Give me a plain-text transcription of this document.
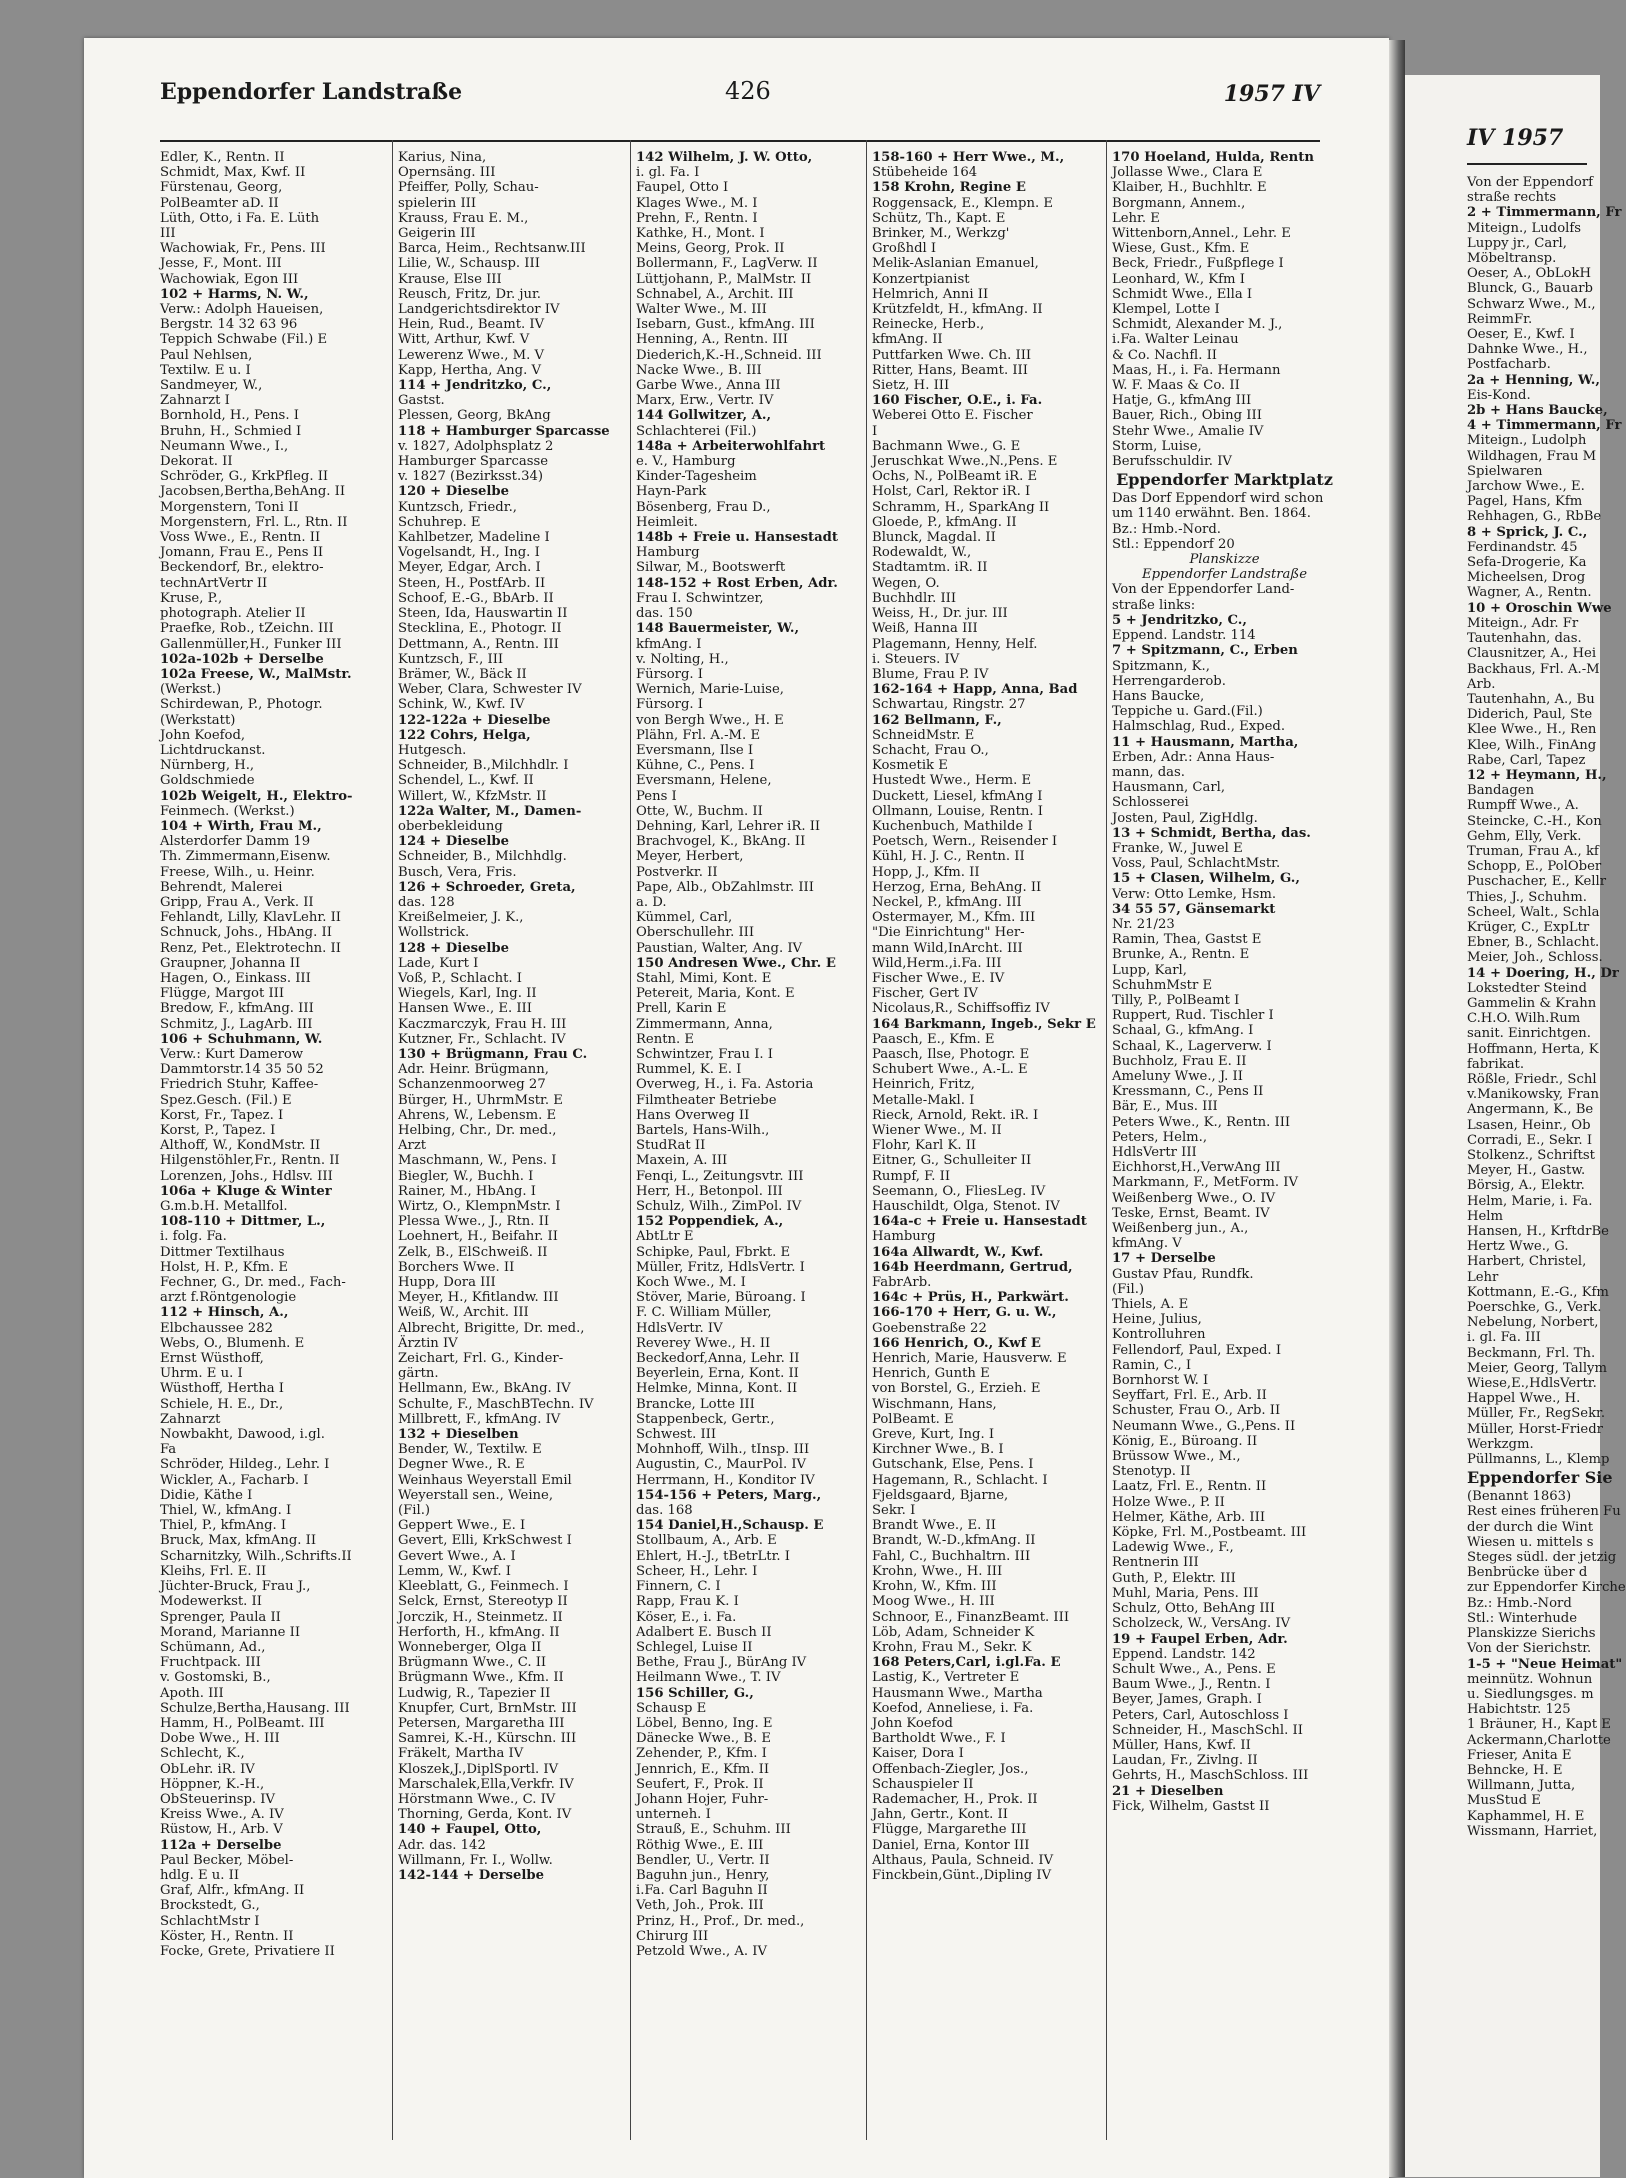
Eppendorfer Landstraße	426	1957 IV
Edler, K., Rentn. II
Schmidt, Max, Kwf. II
Fürstenau, Georg,
PolBeamter aD. II
Lüth, Otto, i Fa. E. Lüth
III
Wachowiak, Fr., Pens. III
Jesse, F., Mont. III
Wachowiak, Egon III
102 + Harms, N. W.,
Verw.: Adolph Haueisen,
Bergstr. 14 32 63 96
Teppich Schwabe (Fil.) E
Paul Nehlsen,
Textilw. E u. I
Sandmeyer, W.,
Zahnarzt I
Bornhold, H., Pens. I
Bruhn, H., Schmied I
Neumann Wwe., I.,
Dekorat. II
Schröder, G., KrkPfleg. II
Jacobsen,Bertha,BehAng. II
Morgenstern, Toni II
Morgenstern, Frl. L., Rtn. II
Voss Wwe., E., Rentn. II
Jomann, Frau E., Pens II
Beckendorf, Br., elektro-
technArtVertr II
Kruse, P.,
photograph. Atelier II
Praefke, Rob., tZeichn. III
Gallenmüller,H., Funker III
102a-102b + Derselbe
102a Freese, W., MalMstr.
(Werkst.)
Schirdewan, P., Photogr.
(Werkstatt)
John Koefod,
Lichtdruckanst.
Nürnberg, H.,
Goldschmiede
102b Weigelt, H., Elektro-
Feinmech. (Werkst.)
104 + Wirth, Frau M.,
Alsterdorfer Damm 19
Th. Zimmermann,Eisenw.
Freese, Wilh., u. Heinr.
Behrendt, Malerei
Gripp, Frau A., Verk. II
Fehlandt, Lilly, KlavLehr. II
Schnuck, Johs., HbAng. II
Renz, Pet., Elektrotechn. II
Graupner, Johanna II
Hagen, O., Einkass. III
Flügge, Margot III
Bredow, F., kfmAng. III
Schmitz, J., LagArb. III
106 + Schuhmann, W.
Verw.: Kurt Damerow
Dammtorstr.14 35 50 52
Friedrich Stuhr, Kaffee-
Spez.Gesch. (Fil.) E
Korst, Fr., Tapez. I
Korst, P., Tapez. I
Althoff, W., KondMstr. II
Hilgenstöhler,Fr., Rentn. II
Lorenzen, Johs., Hdlsv. III
106a + Kluge & Winter
G.m.b.H. Metallfol.
108-110 + Dittmer, L.,
i. folg. Fa.
Dittmer Textilhaus
Holst, H. P., Kfm. E
Fechner, G., Dr. med., Fach-
arzt f.Röntgenologie
112 + Hinsch, A.,
Elbchaussee 282
Webs, O., Blumenh. E
Ernst Wüsthoff,
Uhrm. E u. I
Wüsthoff, Hertha I
Schiele, H. E., Dr.,
Zahnarzt
Nowbakht, Dawood, i.gl.
Fa
Schröder, Hildeg., Lehr. I
Wickler, A., Facharb. I
Didie, Käthe I
Thiel, W., kfmAng. I
Thiel, P., kfmAng. I
Bruck, Max, kfmAng. II
Scharnitzky, Wilh.,Schrifts.II
Kleihs, Frl. E. II
Jüchter-Bruck, Frau J.,
Modewerkst. II
Sprenger, Paula II
Morand, Marianne II
Schümann, Ad.,
Fruchtpack. III
v. Gostomski, B.,
Apoth. III
Schulze,Bertha,Hausang. III
Hamm, H., PolBeamt. III
Dobe Wwe., H. III
Schlecht, K.,
ObLehr. iR. IV
Höppner, K.-H.,
ObSteuerinsp. IV
Kreiss Wwe., A. IV
Rüstow, H., Arb. V
112a + Derselbe
Paul Becker, Möbel-
hdlg. E u. II
Graf, Alfr., kfmAng. II
Brockstedt, G.,
SchlachtMstr I
Köster, H., Rentn. II
Focke, Grete, Privatiere II
Karius, Nina,
Opernsäng. III
Pfeiffer, Polly, Schau-
spielerin III
Krauss, Frau E. M.,
Geigerin III
Barca, Heim., Rechtsanw.III
Lilie, W., Schausp. III
Krause, Else III
Reusch, Fritz, Dr. jur.
Landgerichtsdirektor IV
Hein, Rud., Beamt. IV
Witt, Arthur, Kwf. V
Lewerenz Wwe., M. V
Kapp, Hertha, Ang. V
114 + Jendritzko, C.,
Gastst.
Plessen, Georg, BkAng
118 + Hamburger Sparcasse
v. 1827, Adolphsplatz 2
Hamburger Sparcasse
v. 1827 (Bezirksst.34)
120 + Dieselbe
Kuntzsch, Friedr.,
Schuhrep. E
Kahlbetzer, Madeline I
Vogelsandt, H., Ing. I
Meyer, Edgar, Arch. I
Steen, H., PostfArb. II
Schoof, E.-G., BbArb. II
Steen, Ida, Hauswartin II
Stecklina, E., Photogr. II
Dettmann, A., Rentn. III
Kuntzsch, F., III
Brämer, W., Bäck II
Weber, Clara, Schwester IV
Schink, W., Kwf. IV
122-122a + Dieselbe
122 Cohrs, Helga,
Hutgesch.
Schneider, B.,Milchhdlr. I
Schendel, L., Kwf. II
Willert, W., KfzMstr. II
122a Walter, M., Damen-
oberbekleidung
124 + Dieselbe
Schneider, B., Milchhdlg.
Busch, Vera, Fris.
126 + Schroeder, Greta,
das. 128
Kreißelmeier, J. K.,
Wollstrick.
128 + Dieselbe
Lade, Kurt I
Voß, P., Schlacht. I
Wiegels, Karl, Ing. II
Hansen Wwe., E. III
Kaczmarczyk, Frau H. III
Kutzner, Fr., Schlacht. IV
130 + Brügmann, Frau C.
Adr. Heinr. Brügmann,
Schanzenmoorweg 27
Bürger, H., UhrmMstr. E
Ahrens, W., Lebensm. E
Helbing, Chr., Dr. med.,
Arzt
Maschmann, W., Pens. I
Biegler, W., Buchh. I
Rainer, M., HbAng. I
Wirtz, O., KlempnMstr. I
Plessa Wwe., J., Rtn. II
Loehnert, H., Beifahr. II
Zelk, B., ElSchweiß. II
Borchers Wwe. II
Hupp, Dora III
Meyer, H., Kfitlandw. III
Weiß, W., Archit. III
Albrecht, Brigitte, Dr. med.,
Ärztin IV
Zeichart, Frl. G., Kinder-
gärtn.
Hellmann, Ew., BkAng. IV
Schulte, F., MaschBTechn. IV
Millbrett, F., kfmAng. IV
132 + Dieselben
Bender, W., Textilw. E
Degner Wwe., R. E
Weinhaus Weyerstall Emil
Weyerstall sen., Weine,
(Fil.)
Geppert Wwe., E. I
Gevert, Elli, KrkSchwest I
Gevert Wwe., A. I
Lemm, W., Kwf. I
Kleeblatt, G., Feinmech. I
Selck, Ernst, Stereotyp II
Jorczik, H., Steinmetz. II
Herforth, H., kfmAng. II
Wonneberger, Olga II
Brügmann Wwe., C. II
Brügmann Wwe., Kfm. II
Ludwig, R., Tapezier II
Knupfer, Curt, BrnMstr. III
Petersen, Margaretha III
Samrei, K.-H., Kürschn. III
Fräkelt, Martha IV
Kloszek,J.,DiplSportl. IV
Marschalek,Ella,Verkfr. IV
Hörstmann Wwe., C. IV
Thorning, Gerda, Kont. IV
140 + Faupel, Otto,
Adr. das. 142
Willmann, Fr. I., Wollw.
142-144 + Derselbe
142 Wilhelm, J. W. Otto,
i. gl. Fa. I
Faupel, Otto I
Klages Wwe., M. I
Prehn, F., Rentn. I
Kathke, H., Mont. I
Meins, Georg, Prok. II
Bollermann, F., LagVerw. II
Lüttjohann, P., MalMstr. II
Schnabel, A., Archit. III
Walter Wwe., M. III
Isebarn, Gust., kfmAng. III
Henning, A., Rentn. III
Diederich,K.-H.,Schneid. III
Nacke Wwe., B. III
Garbe Wwe., Anna III
Marx, Erw., Vertr. IV
144 Gollwitzer, A.,
Schlachterei (Fil.)
148a + Arbeiterwohlfahrt
e. V., Hamburg
Kinder-Tagesheim
Hayn-Park
Bösenberg, Frau D.,
Heimleit.
148b + Freie u. Hansestadt
Hamburg
Silwar, M., Bootswerft
148-152 + Rost Erben, Adr.
Frau I. Schwintzer,
das. 150
148 Bauermeister, W.,
kfmAng. I
v. Nolting, H.,
Fürsorg. I
Wernich, Marie-Luise,
Fürsorg. I
von Bergh Wwe., H. E
Plähn, Frl. A.-M. E
Eversmann, Ilse I
Kühne, C., Pens. I
Eversmann, Helene,
Pens I
Otte, W., Buchm. II
Dehning, Karl, Lehrer iR. II
Brachvogel, K., BkAng. II
Meyer, Herbert,
Postverkr. II
Pape, Alb., ObZahlmstr. III
a. D.
Kümmel, Carl,
Oberschullehr. III
Paustian, Walter, Ang. IV
150 Andresen Wwe., Chr. E
Stahl, Mimi, Kont. E
Petereit, Maria, Kont. E
Prell, Karin E
Zimmermann, Anna,
Rentn. E
Schwintzer, Frau I. I
Rummel, K. E. I
Overweg, H., i. Fa. Astoria
Filmtheater Betriebe
Hans Overweg II
Bartels, Hans-Wilh.,
StudRat II
Maxein, A. III
Fenqi, L., Zeitungsvtr. III
Herr, H., Betonpol. III
Schulz, Wilh., ZimPol. IV
152 Poppendiek, A.,
AbtLtr E
Schipke, Paul, Fbrkt. E
Müller, Fritz, HdlsVertr. I
Koch Wwe., M. I
Stöver, Marie, Büroang. I
F. C. William Müller,
HdlsVertr. IV
Reverey Wwe., H. II
Beckedorf,Anna, Lehr. II
Beyerlein, Erna, Kont. II
Helmke, Minna, Kont. II
Brancke, Lotte III
Stappenbeck, Gertr.,
Schwest. III
Mohnhoff, Wilh., tInsp. III
Augustin, C., MaurPol. IV
Herrmann, H., Konditor IV
154-156 + Peters, Marg.,
das. 168
154 Daniel,H.,Schausp. E
Stollbaum, A., Arb. E
Ehlert, H.-J., tBetrLtr. I
Scheer, H., Lehr. I
Finnern, C. I
Rapp, Frau K. I
Köser, E., i. Fa.
Adalbert E. Busch II
Schlegel, Luise II
Bethe, Frau J., BürAng IV
Heilmann Wwe., T. IV
156 Schiller, G.,
Schausp E
Löbel, Benno, Ing. E
Dänecke Wwe., B. E
Zehender, P., Kfm. I
Jennrich, E., Kfm. II
Seufert, F., Prok. II
Johann Hojer, Fuhr-
unterneh. I
Strauß, E., Schuhm. III
Röthig Wwe., E. III
Bendler, U., Vertr. II
Baguhn jun., Henry,
i.Fa. Carl Baguhn II
Veth, Joh., Prok. III
Prinz, H., Prof., Dr. med.,
Chirurg III
Petzold Wwe., A. IV
158-160 + Herr Wwe., M.,
Stübeheide 164
158 Krohn, Regine E
Roggensack, E., Klempn. E
Schütz, Th., Kapt. E
Brinker, M., Werkzg'
Großhdl I
Melik-Aslanian Emanuel,
Konzertpianist
Helmrich, Anni II
Krützfeldt, H., kfmAng. II
Reinecke, Herb.,
kfmAng. II
Puttfarken Wwe. Ch. III
Ritter, Hans, Beamt. III
Sietz, H. III
160 Fischer, O.E., i. Fa.
Weberei Otto E. Fischer
I
Bachmann Wwe., G. E
Jeruschkat Wwe.,N.,Pens. E
Ochs, N., PolBeamt iR. E
Holst, Carl, Rektor iR. I
Schramm, H., SparkAng II
Gloede, P., kfmAng. II
Blunck, Magdal. II
Rodewaldt, W.,
Stadtamtm. iR. II
Wegen, O.
Buchhdlr. III
Weiss, H., Dr. jur. III
Weiß, Hanna III
Plagemann, Henny, Helf.
i. Steuers. IV
Blume, Frau P. IV
162-164 + Happ, Anna, Bad
Schwartau, Ringstr. 27
162 Bellmann, F.,
SchneidMstr. E
Schacht, Frau O.,
Kosmetik E
Hustedt Wwe., Herm. E
Duckett, Liesel, kfmAng I
Ollmann, Louise, Rentn. I
Kuchenbuch, Mathilde I
Poetsch, Wern., Reisender I
Kühl, H. J. C., Rentn. II
Hopp, J., Kfm. II
Herzog, Erna, BehAng. II
Neckel, P., kfmAng. III
Ostermayer, M., Kfm. III
"Die Einrichtung" Her-
mann Wild,InArcht. III
Wild,Herm.,i.Fa. III
Fischer Wwe., E. IV
Fischer, Gert IV
Nicolaus,R., Schiffsoffiz IV
164 Barkmann, Ingeb., Sekr E
Paasch, E., Kfm. E
Paasch, Ilse, Photogr. E
Schubert Wwe., A.-L. E
Heinrich, Fritz,
Metalle-Makl. I
Rieck, Arnold, Rekt. iR. I
Wiener Wwe., M. II
Flohr, Karl K. II
Eitner, G., Schulleiter II
Rumpf, F. II
Seemann, O., FliesLeg. IV
Hauschildt, Olga, Stenot. IV
164a-c + Freie u. Hansestadt
Hamburg
164a Allwardt, W., Kwf.
164b Heerdmann, Gertrud,
FabrArb.
164c + Prüs, H., Parkwärt.
166-170 + Herr, G. u. W.,
Goebenstraße 22
166 Henrich, O., Kwf E
Henrich, Marie, Hausverw. E
Henrich, Gunth E
von Borstel, G., Erzieh. E
Wischmann, Hans,
PolBeamt. E
Greve, Kurt, Ing. I
Kirchner Wwe., B. I
Gutschank, Else, Pens. I
Hagemann, R., Schlacht. I
Fjeldsgaard, Bjarne,
Sekr. I
Brandt Wwe., E. II
Brandt, W.-D.,kfmAng. II
Fahl, C., Buchhaltrn. III
Krohn, Wwe., H. III
Krohn, W., Kfm. III
Moog Wwe., H. III
Schnoor, E., FinanzBeamt. III
Löb, Adam, Schneider K
Krohn, Frau M., Sekr. K
168 Peters,Carl, i.gl.Fa. E
Lastig, K., Vertreter E
Hausmann Wwe., Martha
Koefod, Anneliese, i. Fa.
John Koefod
Bartholdt Wwe., F. I
Kaiser, Dora I
Offenbach-Ziegler, Jos.,
Schauspieler II
Rademacher, H., Prok. II
Jahn, Gertr., Kont. II
Flügge, Margarethe III
Daniel, Erna, Kontor III
Althaus, Paula, Schneid. IV
Finckbein,Günt.,Dipling IV
170 Hoeland, Hulda, Rentn
Jollasse Wwe., Clara E
Klaiber, H., Buchhltr. E
Borgmann, Annem.,
Lehr. E
Wittenborn,Annel., Lehr. E
Wiese, Gust., Kfm. E
Beck, Friedr., Fußpflege I
Leonhard, W., Kfm I
Schmidt Wwe., Ella I
Klempel, Lotte I
Schmidt, Alexander M. J.,
i.Fa. Walter Leinau
& Co. Nachfl. II
Maas, H., i. Fa. Hermann
W. F. Maas & Co. II
Hatje, G., kfmAng III
Bauer, Rich., Obing III
Stehr Wwe., Amalie IV
Storm, Luise,
Berufsschuldir. IV
Eppendorfer Marktplatz
Das Dorf Eppendorf wird schon
um 1140 erwähnt. Ben. 1864.
Bz.: Hmb.-Nord.
Stl.: Eppendorf 20
Planskizze
Eppendorfer Landstraße
Von der Eppendorfer Land-
straße links:
5 + Jendritzko, C.,
Eppend. Landstr. 114
7 + Spitzmann, C., Erben
Spitzmann, K.,
Herrengarderob.
Hans Baucke,
Teppiche u. Gard.(Fil.)
Halmschlag, Rud., Exped.
11 + Hausmann, Martha,
Erben, Adr.: Anna Haus-
mann, das.
Hausmann, Carl,
Schlosserei
Josten, Paul, ZigHdlg.
13 + Schmidt, Bertha, das.
Franke, W., Juwel E
Voss, Paul, SchlachtMstr.
15 + Clasen, Wilhelm, G.,
Verw: Otto Lemke, Hsm.
34 55 57, Gänsemarkt
Nr. 21/23
Ramin, Thea, Gastst E
Brunke, A., Rentn. E
Lupp, Karl,
SchuhmMstr E
Tilly, P., PolBeamt I
Ruppert, Rud. Tischler I
Schaal, G., kfmAng. I
Schaal, K., Lagerverw. I
Buchholz, Frau E. II
Ameluny Wwe., J. II
Kressmann, C., Pens II
Bär, E., Mus. III
Peters Wwe., K., Rentn. III
Peters, Helm.,
HdlsVertr III
Eichhorst,H.,VerwAng III
Markmann, F., MetForm. IV
Weißenberg Wwe., O. IV
Teske, Ernst, Beamt. IV
Weißenberg jun., A.,
kfmAng. V
17 + Derselbe
Gustav Pfau, Rundfk.
(Fil.)
Thiels, A. E
Heine, Julius,
Kontrolluhren
Fellendorf, Paul, Exped. I
Ramin, C., I
Bornhorst W. I
Seyffart, Frl. E., Arb. II
Schuster, Frau O., Arb. II
Neumann Wwe., G.,Pens. II
König, E., Büroang. II
Brüssow Wwe., M.,
Stenotyp. II
Laatz, Frl. E., Rentn. II
Holze Wwe., P. II
Helmer, Käthe, Arb. III
Köpke, Frl. M.,Postbeamt. III
Ladewig Wwe., F.,
Rentnerin III
Guth, P., Elektr. III
Muhl, Maria, Pens. III
Schulz, Otto, BehAng III
Scholzeck, W., VersAng. IV
19 + Faupel Erben, Adr.
Eppend. Landstr. 142
Schult Wwe., A., Pens. E
Baum Wwe., J., Rentn. I
Beyer, James, Graph. I
Peters, Carl, Autoschloss I
Schneider, H., MaschSchl. II
Müller, Hans, Kwf. II
Laudan, Fr., Zivlng. II
Gehrts, H., MaschSchloss. III
21 + Dieselben
Fick, Wilhelm, Gastst II
IV 1957
Von der Eppendorf
straße rechts
2 + Timmermann, Fr
Miteign., Ludolfs
Luppy jr., Carl,
Möbeltransp.
Oeser, A., ObLokH
Blunck, G., Bauarb
Schwarz Wwe., M.,
ReimmFr.
Oeser, E., Kwf. I
Dahnke Wwe., H.,
Postfacharb.
2a + Henning, W.,
Eis-Kond.
2b + Hans Baucke,
4 + Timmermann, Fr
Miteign., Ludolph
Wildhagen, Frau M
Spielwaren
Jarchow Wwe., E.
Pagel, Hans, Kfm
Rehhagen, G., RbBe
8 + Sprick, J. C.,
Ferdinandstr. 45
Sefa-Drogerie, Ka
Micheelsen, Drog
Wagner, A., Rentn.
10 + Oroschin Wwe
Miteign., Adr. Fr
Tautenhahn, das.
Clausnitzer, A., Hei
Backhaus, Frl. A.-M
Arb.
Tautenhahn, A., Bu
Diderich, Paul, Ste
Klee Wwe., H., Ren
Klee, Wilh., FinAng
Rabe, Carl, Tapez
12 + Heymann, H.,
Bandagen
Rumpff Wwe., A.
Steincke, C.-H., Kon
Gehm, Elly, Verk.
Truman, Frau A., kf
Schopp, E., PolOber
Puschacher, E., Kellr
Thies, J., Schuhm.
Scheel, Walt., Schla
Krüger, C., ExpLtr
Ebner, B., Schlacht.
Meier, Joh., Schloss.
14 + Doering, H., Dr
Lokstedter Steind
Gammelin & Krahn
C.H.O. Wilh.Rum
sanit. Einrichtgen.
Hoffmann, Herta, K
fabrikat.
Rößle, Friedr., Schl
v.Manikowsky, Fran
Angermann, K., Be
Lsasen, Heinr., Ob
Corradi, E., Sekr. I
Stolkenz., Schriftst
Meyer, H., Gastw.
Börsig, A., Elektr.
Helm, Marie, i. Fa.
Helm
Hansen, H., KrftdrBe
Hertz Wwe., G.
Harbert, Christel,
Lehr
Kottmann, E.-G., Kfm
Poerschke, G., Verk.
Nebelung, Norbert,
i. gl. Fa. III
Beckmann, Frl. Th.
Meier, Georg, Tallym
Wiese,E.,HdlsVertr.
Happel Wwe., H.
Müller, Fr., RegSekr.
Müller, Horst-Friedr
Werkzgm.
Püllmanns, L., Klemp
Eppendorfer Sie
(Benannt 1863)
Rest eines früheren Fu
der durch die Wint
Wiesen u. mittels s
Steges südl. der jetzig
Benbrücke über d
zur Eppendorfer Kirche
Bz.: Hmb.-Nord
Stl.: Winterhude
Planskizze Sierichs
Von der Sierichstr.
1-5 + "Neue Heimat"
meinnütz. Wohnun
u. Siedlungsges. m
Habichtstr. 125
1 Bräuner, H., Kapt E
Ackermann,Charlotte
Frieser, Anita E
Behncke, H. E
Willmann, Jutta,
MusStud E
Kaphammel, H. E
Wissmann, Harriet,
